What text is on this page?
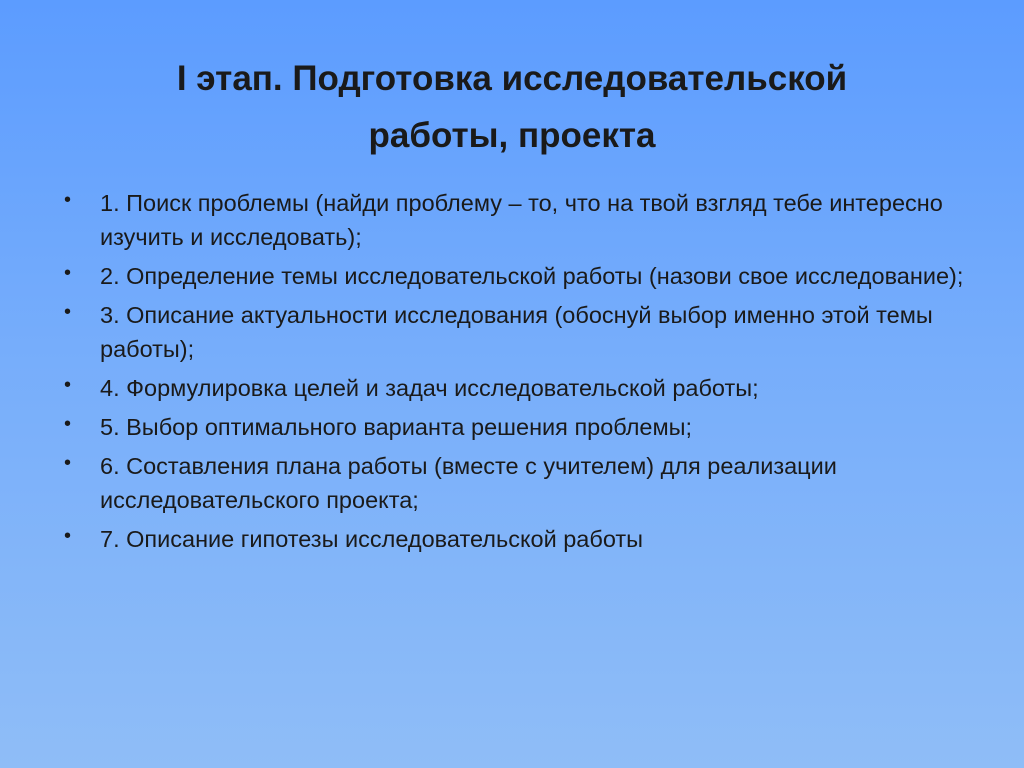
I этап. Подготовка исследовательской
работы, проекта
• 1. Поиск проблемы (найди проблему – то, что на твой взгляд тебе интересно изучить и исследовать);
• 2. Определение темы исследовательской работы (назови свое исследование);
• 3. Описание актуальности исследования (обоснуй выбор именно этой темы работы);
• 4. Формулировка целей и задач исследовательской работы;
• 5. Выбор оптимального варианта решения проблемы;
• 6. Составления плана работы (вместе с учителем) для реализации исследовательского проекта;
• 7. Описание гипотезы исследовательской работы
